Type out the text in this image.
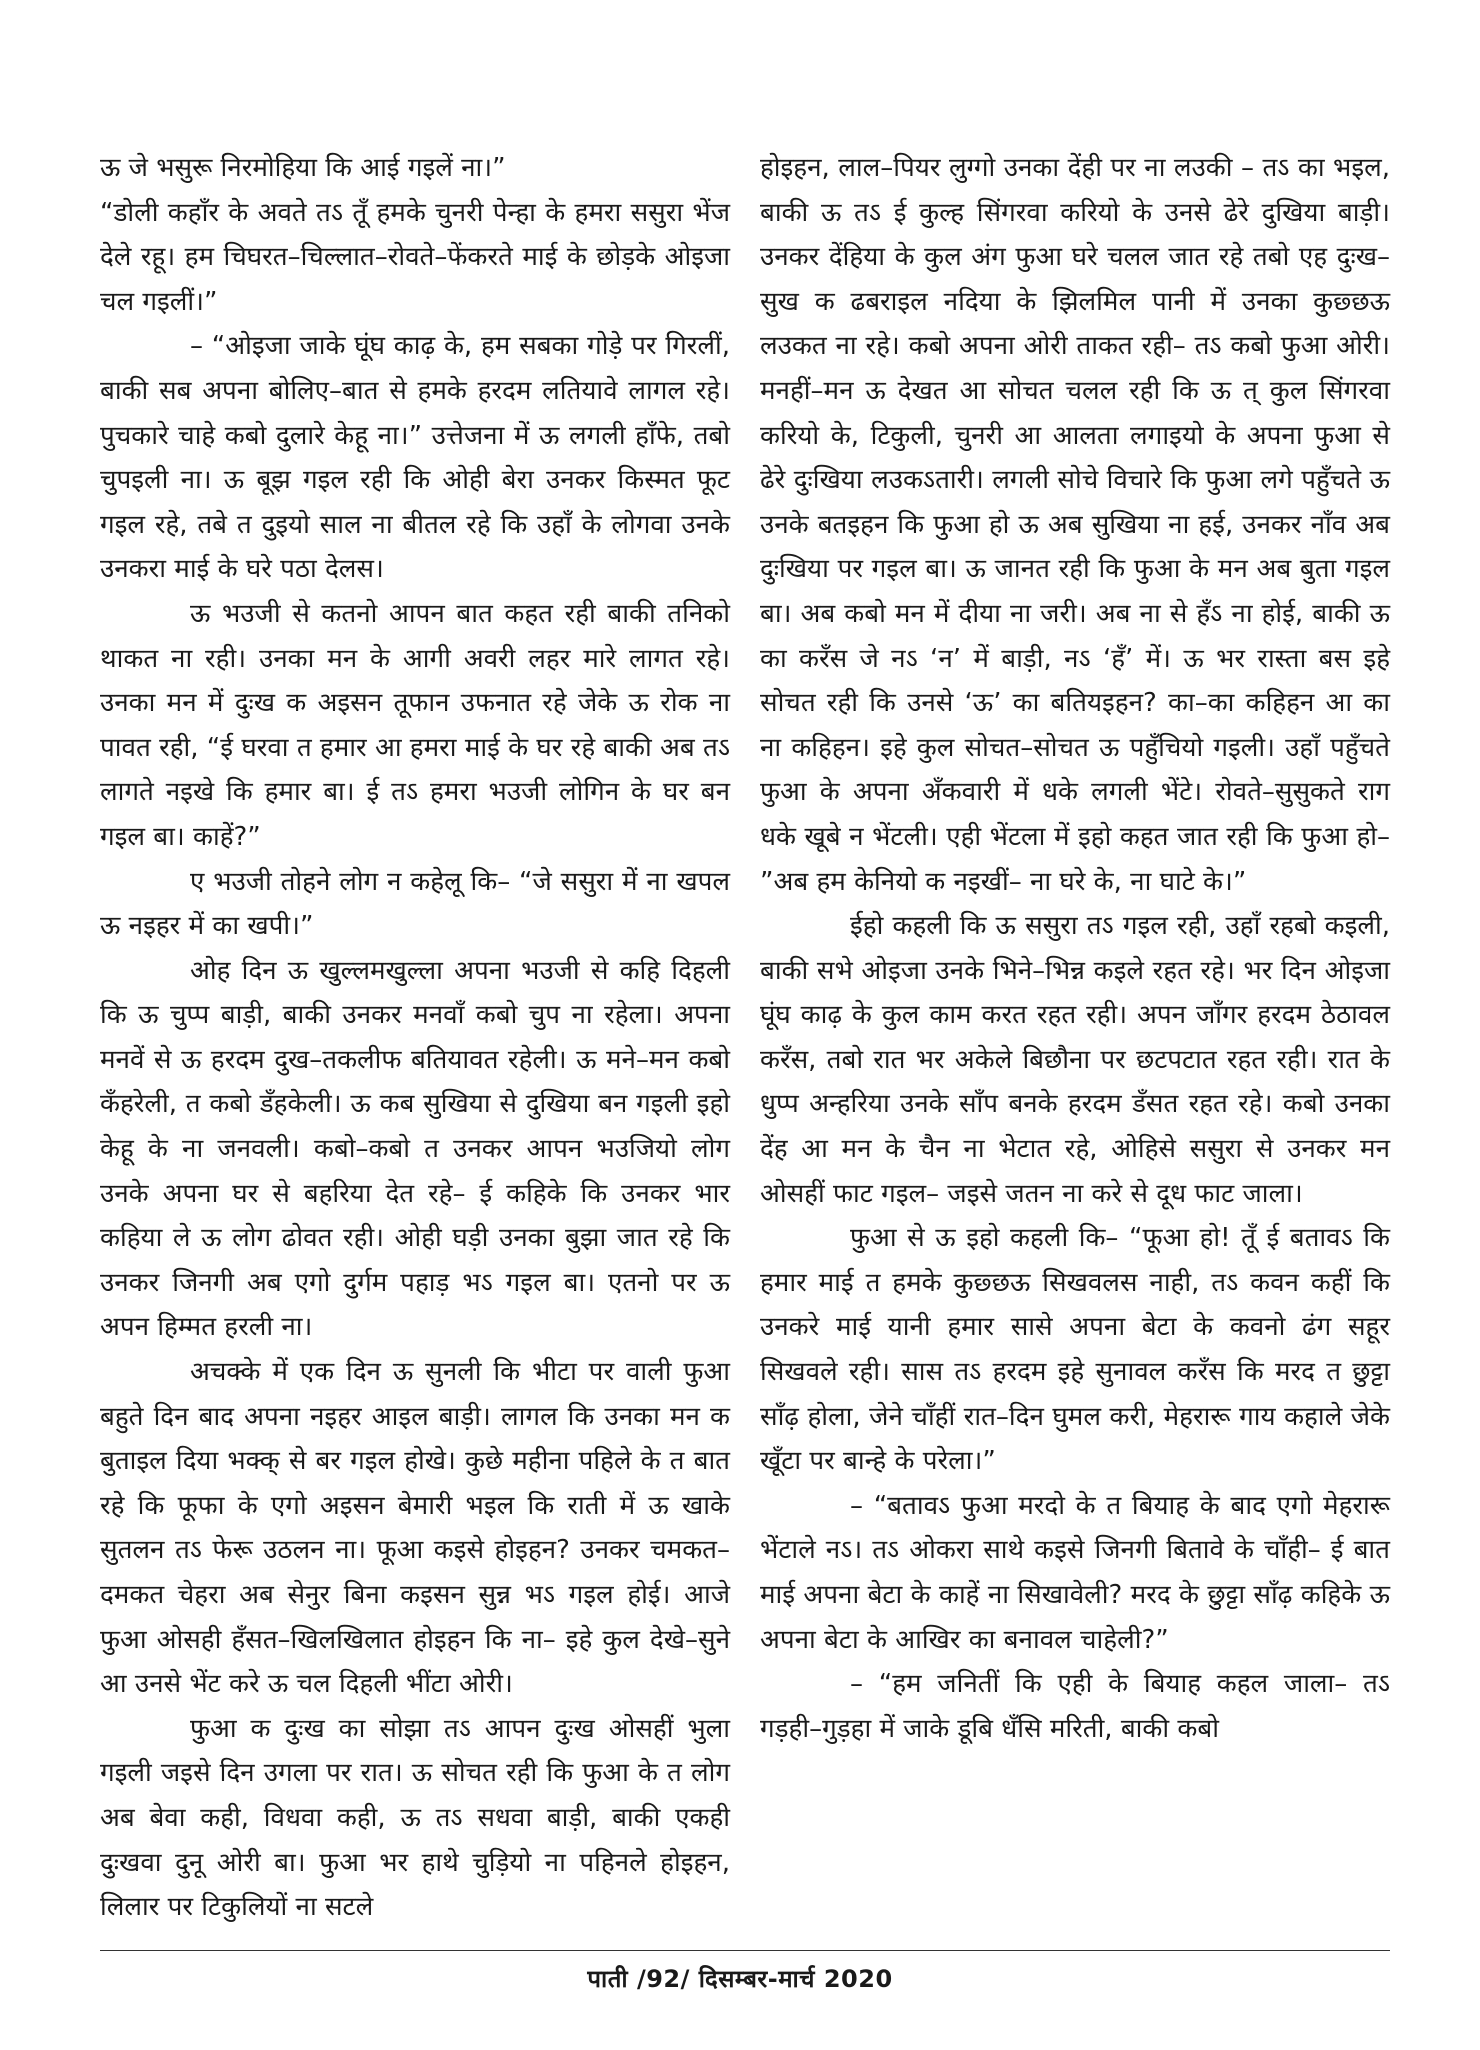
ऊ जे भसुरू निरमोहिया कि आई गइलें ना।”

“डोली कहाँर के अवते तऽ तूँ हमके चुनरी पेन्हा के हमरा ससुरा भेंज देले रहू। हम चिघरत–चिल्लात–रोवते–फेंकरते माई के छोड़के ओइजा चल गइलीं।”

– “ओइजा जाके घूंघ काढ़ के, हम सबका गोड़े पर गिरलीं, बाकी सब अपना बोलिए–बात से हमके हरदम लतियावे लागल रहे। पुचकारे चाहे कबो दुलारे केहू ना।” उत्तेजना में ऊ लगली हाँफे, तबो चुपइली ना। ऊ बूझ गइल रही कि ओही बेरा उनकर किस्मत फूट गइल रहे, तबे त दुइयो साल ना बीतल रहे कि उहाँ के लोगवा उनके उनकरा माई के घरे पठा देलस।

ऊ भउजी से कतनो आपन बात कहत रही बाकी तनिको थाकत ना रही। उनका मन के आगी अवरी लहर मारे लागत रहे। उनका मन में दुःख क अइसन तूफान उफनात रहे जेके ऊ रोक ना पावत रही, “ई घरवा त हमार आ हमरा माई के घर रहे बाकी अब तऽ लागते नइखे कि हमार बा। ई तऽ हमरा भउजी लोगिन के घर बन गइल बा। काहें?”

ए भउजी तोहने लोग न कहेलू कि– “जे ससुरा में ना खपल ऊ नइहर में का खपी।”

ओह दिन ऊ खुल्लमखुल्ला अपना भउजी से कहि दिहली कि ऊ चुप्प बाड़ी, बाकी उनकर मनवाँ कबो चुप ना रहेला। अपना मनवें से ऊ हरदम दुख–तकलीफ बतियावत रहेली। ऊ मने–मन कबो कँहरेली, त कबो डँहकेली। ऊ कब सुखिया से दुखिया बन गइली इहो केहू के ना जनवली। कबो–कबो त उनकर आपन भउजियो लोग उनके अपना घर से बहरिया देत रहे– ई कहिके कि उनकर भार कहिया ले ऊ लोग ढोवत रही। ओही घड़ी उनका बुझा जात रहे कि उनकर जिनगी अब एगो दुर्गम पहाड़ भऽ गइल बा। एतनो पर ऊ अपन हिम्मत हरली ना।

अचक्के में एक दिन ऊ सुनली कि भीटा पर वाली फुआ बहुते दिन बाद अपना नइहर आइल बाड़ी। लागल कि उनका मन क बुताइल दिया भक्क् से बर गइल होखे। कुछे महीना पहिले के त बात रहे कि फूफा के एगो अइसन बेमारी भइल कि राती में ऊ खाके सुतलन तऽ फेरू उठलन ना। फूआ कइसे होइहन? उनकर चमकत–दमकत चेहरा अब सेनुर बिना कइसन सुन्न भऽ गइल होई। आजे फुआ ओसही हँसत–खिलखिलात होइहन कि ना– इहे कुल देखे–सुने आ उनसे भेंट करे ऊ चल दिहली भींटा ओरी।

फुआ क दुःख का सोझा तऽ आपन दुःख ओसहीं भुला गइली जइसे दिन उगला पर रात। ऊ सोचत रही कि फुआ के त लोग अब बेवा कही, विधवा कही, ऊ तऽ सधवा बाड़ी, बाकी एकही दुःखवा दुनू ओरी बा। फुआ भर हाथे चुड़ियो ना पहिनले होइहन, लिलार पर टिकुलियों ना सटले

होइहन, लाल–पियर लुग्गो उनका देंही पर ना लउकी – तऽ का भइल, बाकी ऊ तऽ ई कुल्ह सिंगरवा करियो के उनसे ढेरे दुखिया बाड़ी। उनकर देंहिया के कुल अंग फुआ घरे चलल जात रहे तबो एह दुःख–सुख क ढबराइल नदिया के झिलमिल पानी में उनका कुछ्छऊ लउकत ना रहे। कबो अपना ओरी ताकत रही– तऽ कबो फुआ ओरी। मनहीं–मन ऊ देखत आ सोचत चलल रही कि ऊ त् कुल सिंगरवा करियो के, टिकुली, चुनरी आ आलता लगाइयो के अपना फुआ से ढेरे दुःखिया लउकऽतारी। लगली सोचे विचारे कि फुआ लगे पहुँचते ऊ उनके बतइहन कि फुआ हो ऊ अब सुखिया ना हई, उनकर नाँव अब दुःखिया पर गइल बा। ऊ जानत रही कि फुआ के मन अब बुता गइल बा। अब कबो मन में दीया ना जरी। अब ना से हँऽ ना होई, बाकी ऊ का करँस जे नऽ ‘न’ में बाड़ी, नऽ ‘हँ’ में। ऊ भर रास्ता बस इहे सोचत रही कि उनसे ‘ऊ’ का बतियइहन? का–का कहिहन आ का ना कहिहन। इहे कुल सोचत–सोचत ऊ पहुँचियो गइली। उहाँ पहुँचते फुआ के अपना अँकवारी में धके लगली भेंटे। रोवते–सुसुकते राग धके खूबे न भेंटली। एही भेंटला में इहो कहत जात रही कि फुआ हो– ”अब हम केनियो क नइखीं– ना घरे के, ना घाटे के।”

ईहो कहली कि ऊ ससुरा तऽ गइल रही, उहाँ रहबो कइली, बाकी सभे ओइजा उनके भिने–भिन्न कइले रहत रहे। भर दिन ओइजा घूंघ काढ़ के कुल काम करत रहत रही। अपन जाँगर हरदम ठेठावल करँस, तबो रात भर अकेले बिछौना पर छटपटात रहत रही। रात के धुप्प अन्हरिया उनके साँप बनके हरदम डँसत रहत रहे। कबो उनका देंह आ मन के चैन ना भेटात रहे, ओहिसे ससुरा से उनकर मन ओसहीं फाट गइल– जइसे जतन ना करे से दूध फाट जाला।

फुआ से ऊ इहो कहली कि– “फूआ हो! तूँ ई बतावऽ कि हमार माई त हमके कुछ्छऊ सिखवलस नाही, तऽ कवन कहीं कि उनकरे माई यानी हमार सासे अपना बेटा के कवनो ढंग सहूर सिखवले रही। सास तऽ हरदम इहे सुनावल करँस कि मरद त छुट्टा साँढ़ होला, जेने चाँहीं रात–दिन घुमल करी, मेहरारू गाय कहाले जेके खूँटा पर बान्हे के परेला।”

– “बतावऽ फुआ मरदो के त बियाह के बाद एगो मेहरारू भेंटाले नऽ। तऽ ओकरा साथे कइसे जिनगी बितावे के चाँही– ई बात माई अपना बेटा के काहें ना सिखावेली? मरद के छुट्टा साँढ़ कहिके ऊ अपना बेटा के आखिर का बनावल चाहेली?”

– “हम जनितीं कि एही के बियाह कहल जाला– तऽ गड़ही–गुड़हा में जाके डूबि धँसि मरिती, बाकी कबो

पाती /92/ दिसम्बर-मार्च 2020
